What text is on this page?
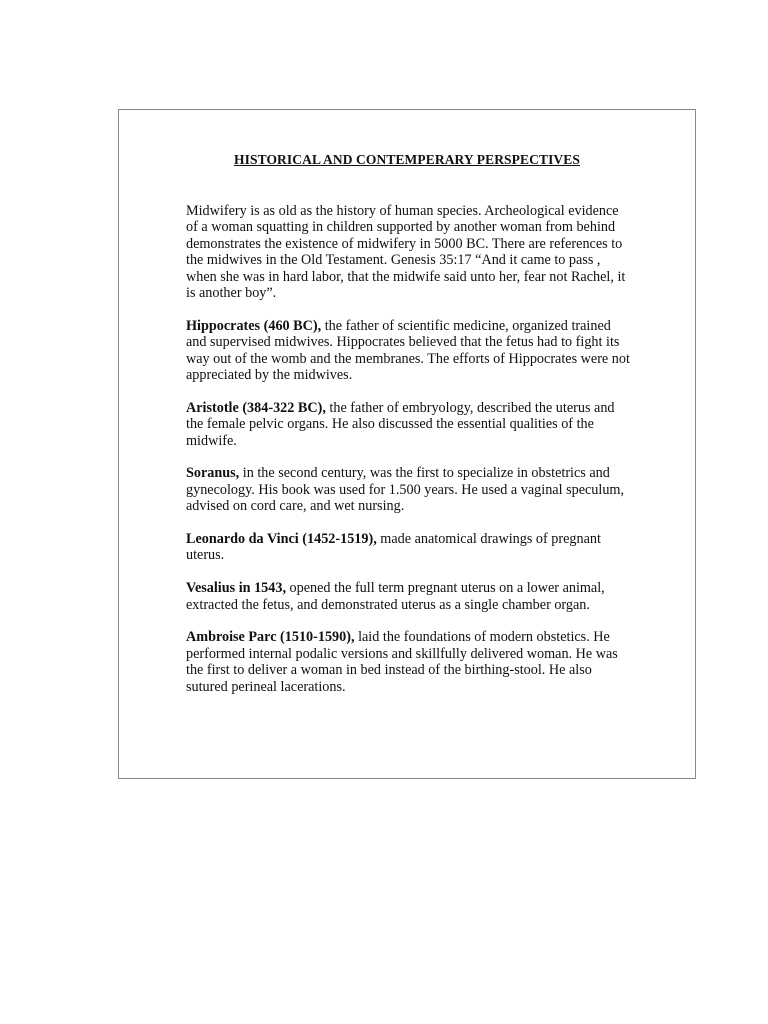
HISTORICAL AND CONTEMPERARY PERSPECTIVES

Midwifery is as old as the history of human species. Archeological evidence of a woman squatting in children supported by another woman from behind demonstrates the existence of midwifery in 5000 BC. There are references to the midwives in the Old Testament. Genesis 35:17 “And it came to pass , when she was in hard labor, that the midwife said unto her, fear not Rachel, it is another boy”.

Hippocrates (460 BC), the father of scientific medicine, organized trained and supervised midwives. Hippocrates believed that the fetus had to fight its way out of the womb and the membranes. The efforts of Hippocrates were not appreciated by the midwives.

Aristotle (384-322 BC), the father of embryology, described the uterus and the female pelvic organs. He also discussed the essential qualities of the midwife.

Soranus, in the second century, was the first to specialize in obstetrics and gynecology. His book was used for 1.500 years. He used a vaginal speculum, advised on cord care, and wet nursing.

Leonardo da Vinci (1452-1519), made anatomical drawings of pregnant uterus.

Vesalius in 1543, opened the full term pregnant uterus on a lower animal, extracted the fetus, and demonstrated uterus as a single chamber organ.

Ambroise Parc (1510-1590), laid the foundations of modern obstetics. He performed internal podalic versions and skillfully delivered woman. He was the first to deliver a woman in bed instead of the birthing-stool. He also sutured perineal lacerations.
